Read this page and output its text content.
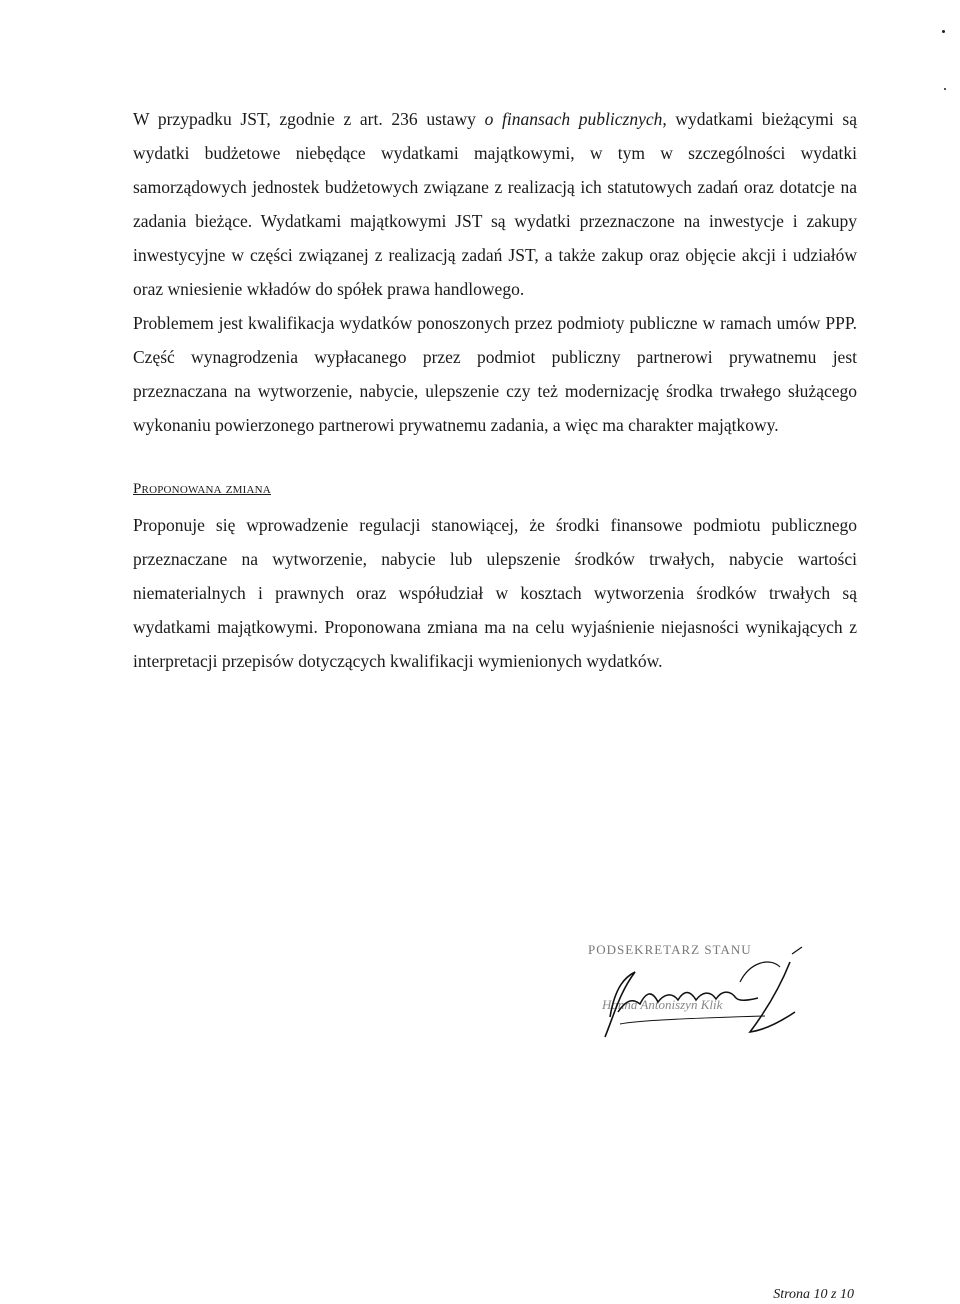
W przypadku JST, zgodnie z art. 236 ustawy o finansach publicznych, wydatkami bieżącymi są wydatki budżetowe niebędące wydatkami majątkowymi, w tym w szczególności wydatki samorządowych jednostek budżetowych związane z realizacją ich statutowych zadań oraz dotatcje na zadania bieżące. Wydatkami majątkowymi JST są wydatki przeznaczone na inwestycje i zakupy inwestycyjne w części związanej z realizacją zadań JST, a także zakup oraz objęcie akcji i udziałów oraz wniesienie wkładów do spółek prawa handlowego.

Problemem jest kwalifikacja wydatków ponoszonych przez podmioty publiczne w ramach umów PPP. Część wynagrodzenia wypłacanego przez podmiot publiczny partnerowi prywatnemu jest przeznaczana na wytworzenie, nabycie, ulepszenie czy też modernizację środka trwałego służącego wykonaniu powierzonego partnerowi prywatnemu zadania, a więc ma charakter majątkowy.

Proponowana zmiana

Proponuje się wprowadzenie regulacji stanowiącej, że środki finansowe podmiotu publicznego przeznaczane na wytworzenie, nabycie lub ulepszenie środków trwałych, nabycie wartości niematerialnych i prawnych oraz współudział w kosztach wytworzenia środków trwałych są wydatkami majątkowymi. Proponowana zmiana ma na celu wyjaśnienie niejasności wynikających z interpretacji przepisów dotyczących kwalifikacji wymienionych wydatków.

PODSEKRETARZ STANU
Hanna Antoniszyn Klik
Strona 10 z 10
